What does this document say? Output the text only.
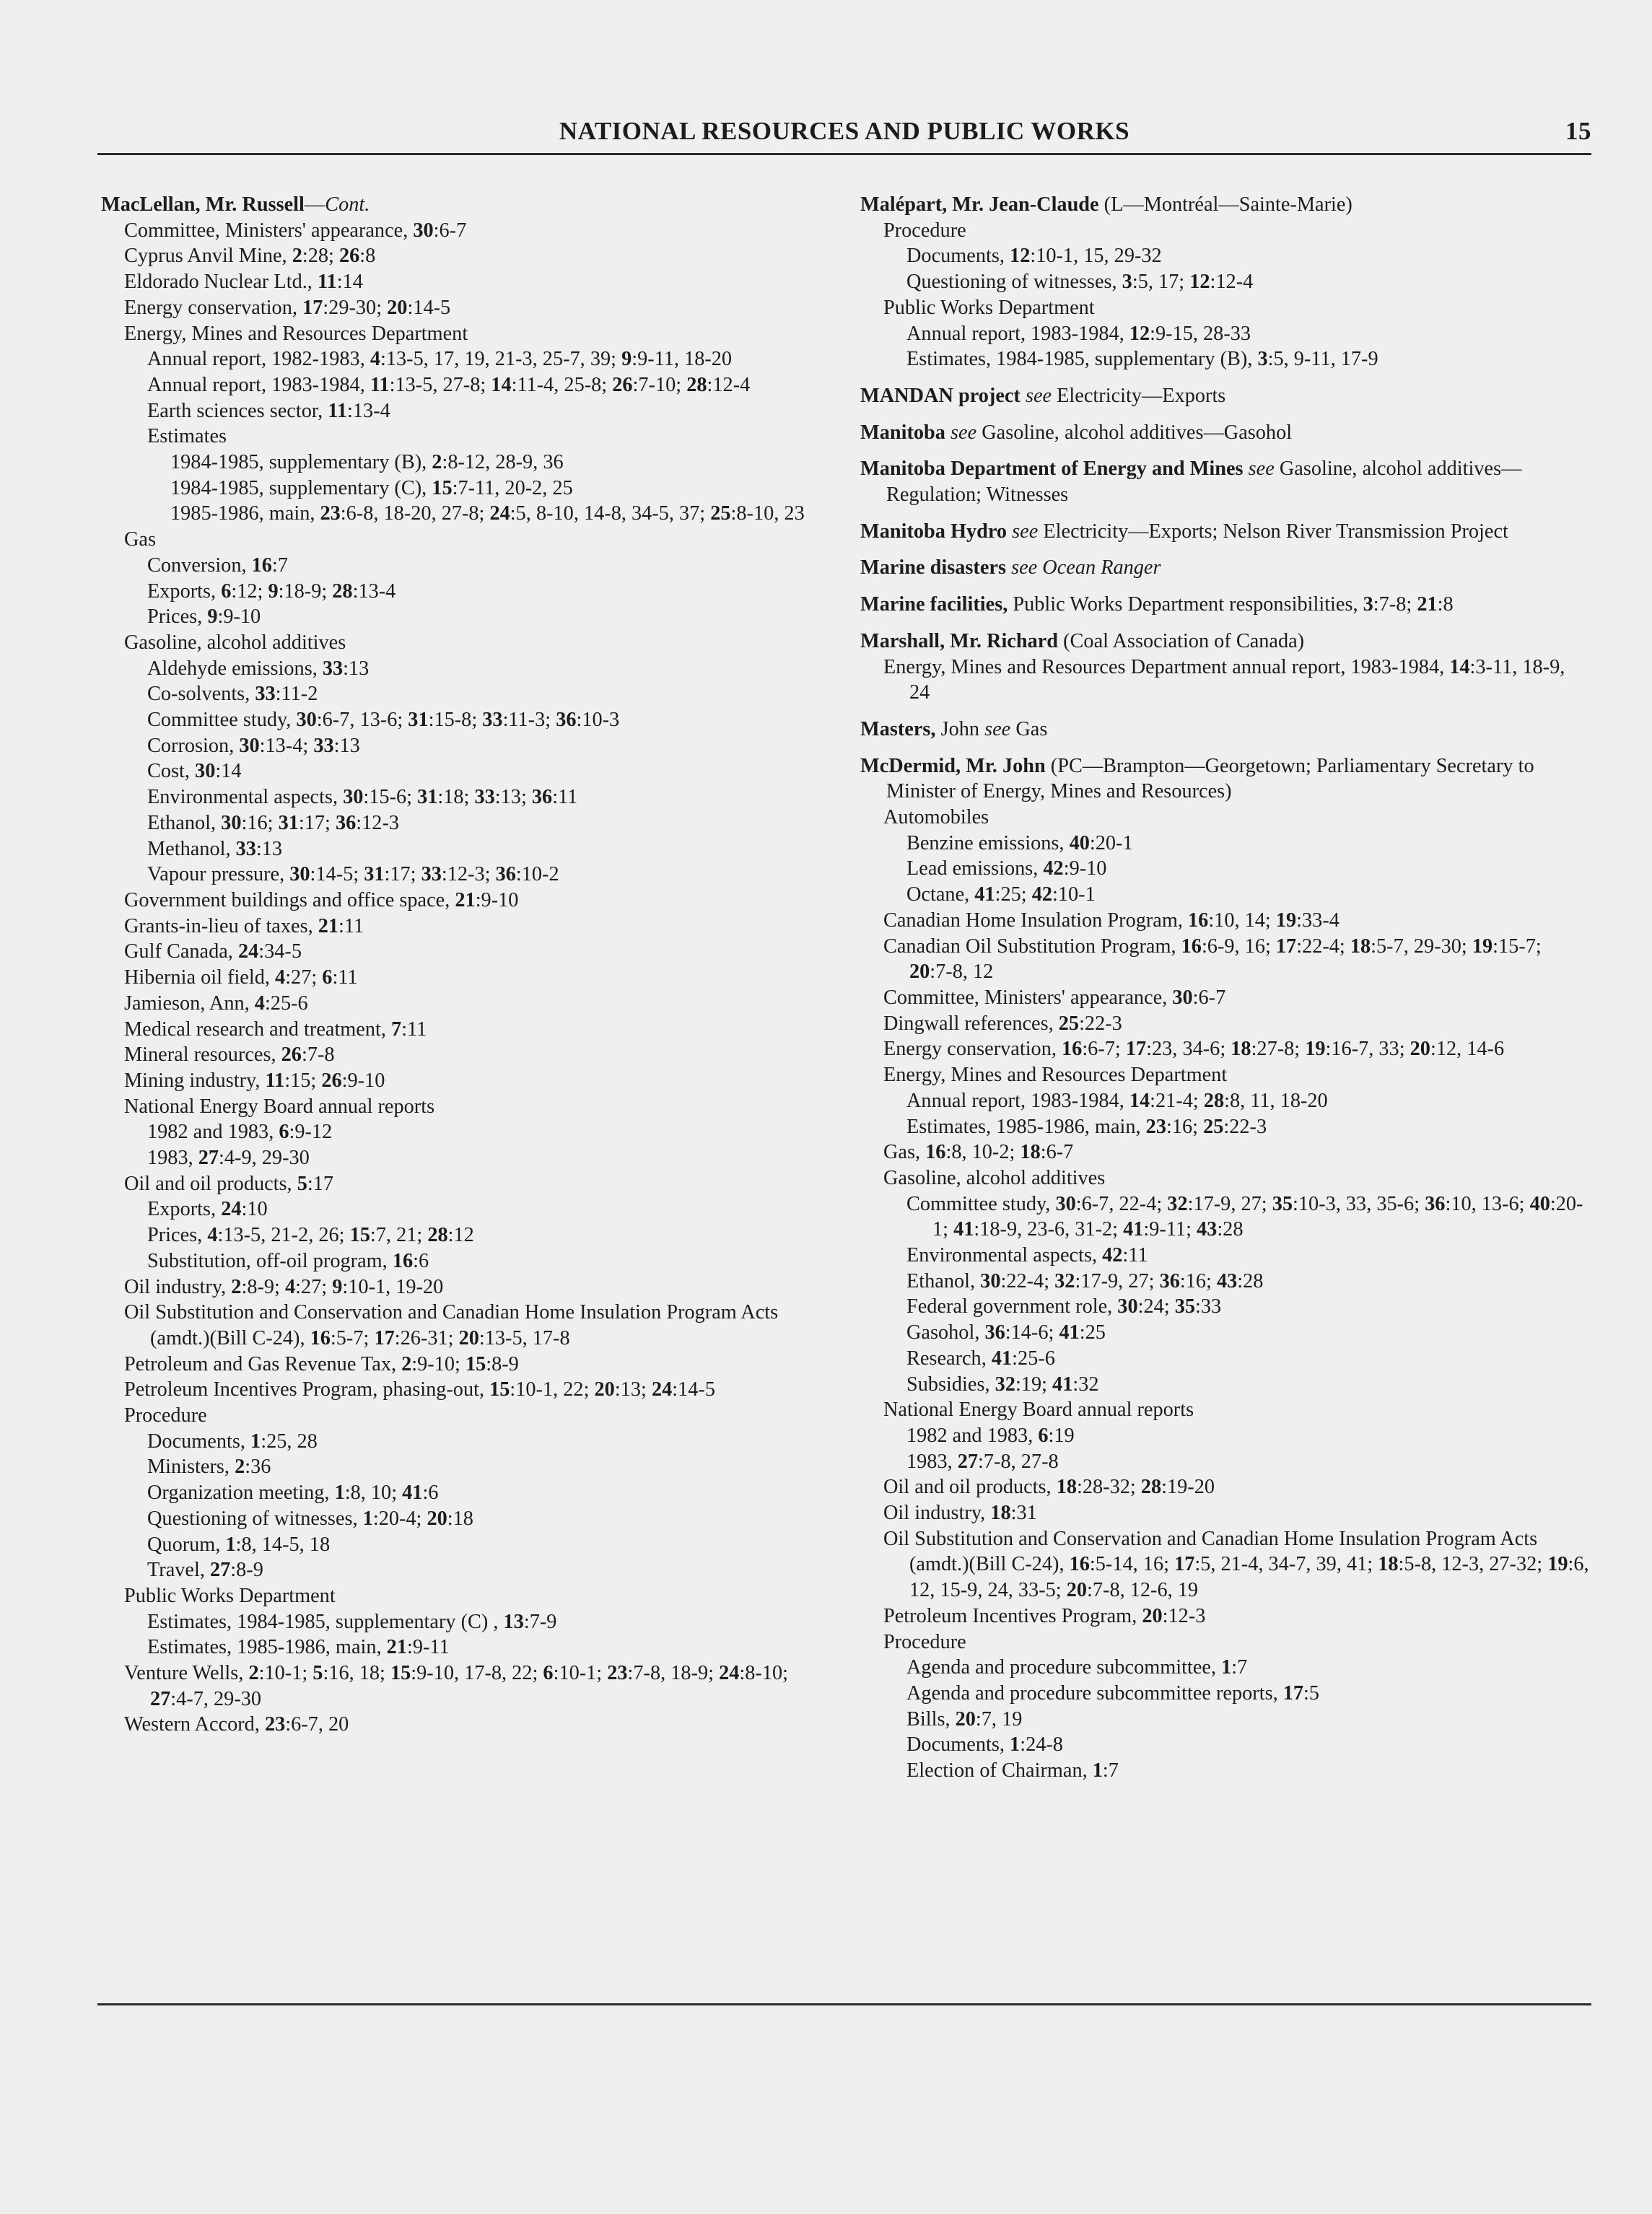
NATIONAL RESOURCES AND PUBLIC WORKS	15
MacLellan, Mr. Russell—Cont.
Committee, Ministers' appearance, 30:6-7
Cyprus Anvil Mine, 2:28; 26:8
Eldorado Nuclear Ltd., 11:14
Energy conservation, 17:29-30; 20:14-5
Energy, Mines and Resources Department
Annual report, 1982-1983, 4:13-5, 17, 19, 21-3, 25-7, 39; 9:9-11, 18-20
Annual report, 1983-1984, 11:13-5, 27-8; 14:11-4, 25-8; 26:7-10; 28:12-4
Earth sciences sector, 11:13-4
Estimates
1984-1985, supplementary (B), 2:8-12, 28-9, 36
1984-1985, supplementary (C), 15:7-11, 20-2, 25
1985-1986, main, 23:6-8, 18-20, 27-8; 24:5, 8-10, 14-8, 34-5, 37; 25:8-10, 23
Gas
Conversion, 16:7
Exports, 6:12; 9:18-9; 28:13-4
Prices, 9:9-10
Gasoline, alcohol additives
Aldehyde emissions, 33:13
Co-solvents, 33:11-2
Committee study, 30:6-7, 13-6; 31:15-8; 33:11-3; 36:10-3
Corrosion, 30:13-4; 33:13
Cost, 30:14
Environmental aspects, 30:15-6; 31:18; 33:13; 36:11
Ethanol, 30:16; 31:17; 36:12-3
Methanol, 33:13
Vapour pressure, 30:14-5; 31:17; 33:12-3; 36:10-2
Government buildings and office space, 21:9-10
Grants-in-lieu of taxes, 21:11
Gulf Canada, 24:34-5
Hibernia oil field, 4:27; 6:11
Jamieson, Ann, 4:25-6
Medical research and treatment, 7:11
Mineral resources, 26:7-8
Mining industry, 11:15; 26:9-10
National Energy Board annual reports
1982 and 1983, 6:9-12
1983, 27:4-9, 29-30
Oil and oil products, 5:17
Exports, 24:10
Prices, 4:13-5, 21-2, 26; 15:7, 21; 28:12
Substitution, off-oil program, 16:6
Oil industry, 2:8-9; 4:27; 9:10-1, 19-20
Oil Substitution and Conservation and Canadian Home Insulation Program Acts (amdt.)(Bill C-24), 16:5-7; 17:26-31; 20:13-5, 17-8
Petroleum and Gas Revenue Tax, 2:9-10; 15:8-9
Petroleum Incentives Program, phasing-out, 15:10-1, 22; 20:13; 24:14-5
Procedure
Documents, 1:25, 28
Ministers, 2:36
Organization meeting, 1:8, 10; 41:6
Questioning of witnesses, 1:20-4; 20:18
Quorum, 1:8, 14-5, 18
Travel, 27:8-9
Public Works Department
Estimates, 1984-1985, supplementary (C) , 13:7-9
Estimates, 1985-1986, main, 21:9-11
Venture Wells, 2:10-1; 5:16, 18; 15:9-10, 17-8, 22; 6:10-1; 23:7-8, 18-9; 24:8-10; 27:4-7, 29-30
Western Accord, 23:6-7, 20
Malépart, Mr. Jean-Claude (L—Montréal—Sainte-Marie)
Procedure
Documents, 12:10-1, 15, 29-32
Questioning of witnesses, 3:5, 17; 12:12-4
Public Works Department
Annual report, 1983-1984, 12:9-15, 28-33
Estimates, 1984-1985, supplementary (B), 3:5, 9-11, 17-9
MANDAN project see Electricity—Exports
Manitoba see Gasoline, alcohol additives—Gasohol
Manitoba Department of Energy and Mines see Gasoline, alcohol additives—Regulation; Witnesses
Manitoba Hydro see Electricity—Exports; Nelson River Transmission Project
Marine disasters see Ocean Ranger
Marine facilities, Public Works Department responsibilities, 3:7-8; 21:8
Marshall, Mr. Richard (Coal Association of Canada)
Energy, Mines and Resources Department annual report, 1983-1984, 14:3-11, 18-9, 24
Masters, John see Gas
McDermid, Mr. John (PC—Brampton—Georgetown; Parliamentary Secretary to Minister of Energy, Mines and Resources)
Automobiles
Benzine emissions, 40:20-1
Lead emissions, 42:9-10
Octane, 41:25; 42:10-1
Canadian Home Insulation Program, 16:10, 14; 19:33-4
Canadian Oil Substitution Program, 16:6-9, 16; 17:22-4; 18:5-7, 29-30; 19:15-7; 20:7-8, 12
Committee, Ministers' appearance, 30:6-7
Dingwall references, 25:22-3
Energy conservation, 16:6-7; 17:23, 34-6; 18:27-8; 19:16-7, 33; 20:12, 14-6
Energy, Mines and Resources Department
Annual report, 1983-1984, 14:21-4; 28:8, 11, 18-20
Estimates, 1985-1986, main, 23:16; 25:22-3
Gas, 16:8, 10-2; 18:6-7
Gasoline, alcohol additives
Committee study, 30:6-7, 22-4; 32:17-9, 27; 35:10-3, 33, 35-6; 36:10, 13-6; 40:20-1; 41:18-9, 23-6, 31-2; 41:9-11; 43:28
Environmental aspects, 42:11
Ethanol, 30:22-4; 32:17-9, 27; 36:16; 43:28
Federal government role, 30:24; 35:33
Gasohol, 36:14-6; 41:25
Research, 41:25-6
Subsidies, 32:19; 41:32
National Energy Board annual reports
1982 and 1983, 6:19
1983, 27:7-8, 27-8
Oil and oil products, 18:28-32; 28:19-20
Oil industry, 18:31
Oil Substitution and Conservation and Canadian Home Insulation Program Acts (amdt.)(Bill C-24), 16:5-14, 16; 17:5, 21-4, 34-7, 39, 41; 18:5-8, 12-3, 27-32; 19:6, 12, 15-9, 24, 33-5; 20:7-8, 12-6, 19
Petroleum Incentives Program, 20:12-3
Procedure
Agenda and procedure subcommittee, 1:7
Agenda and procedure subcommittee reports, 17:5
Bills, 20:7, 19
Documents, 1:24-8
Election of Chairman, 1:7
